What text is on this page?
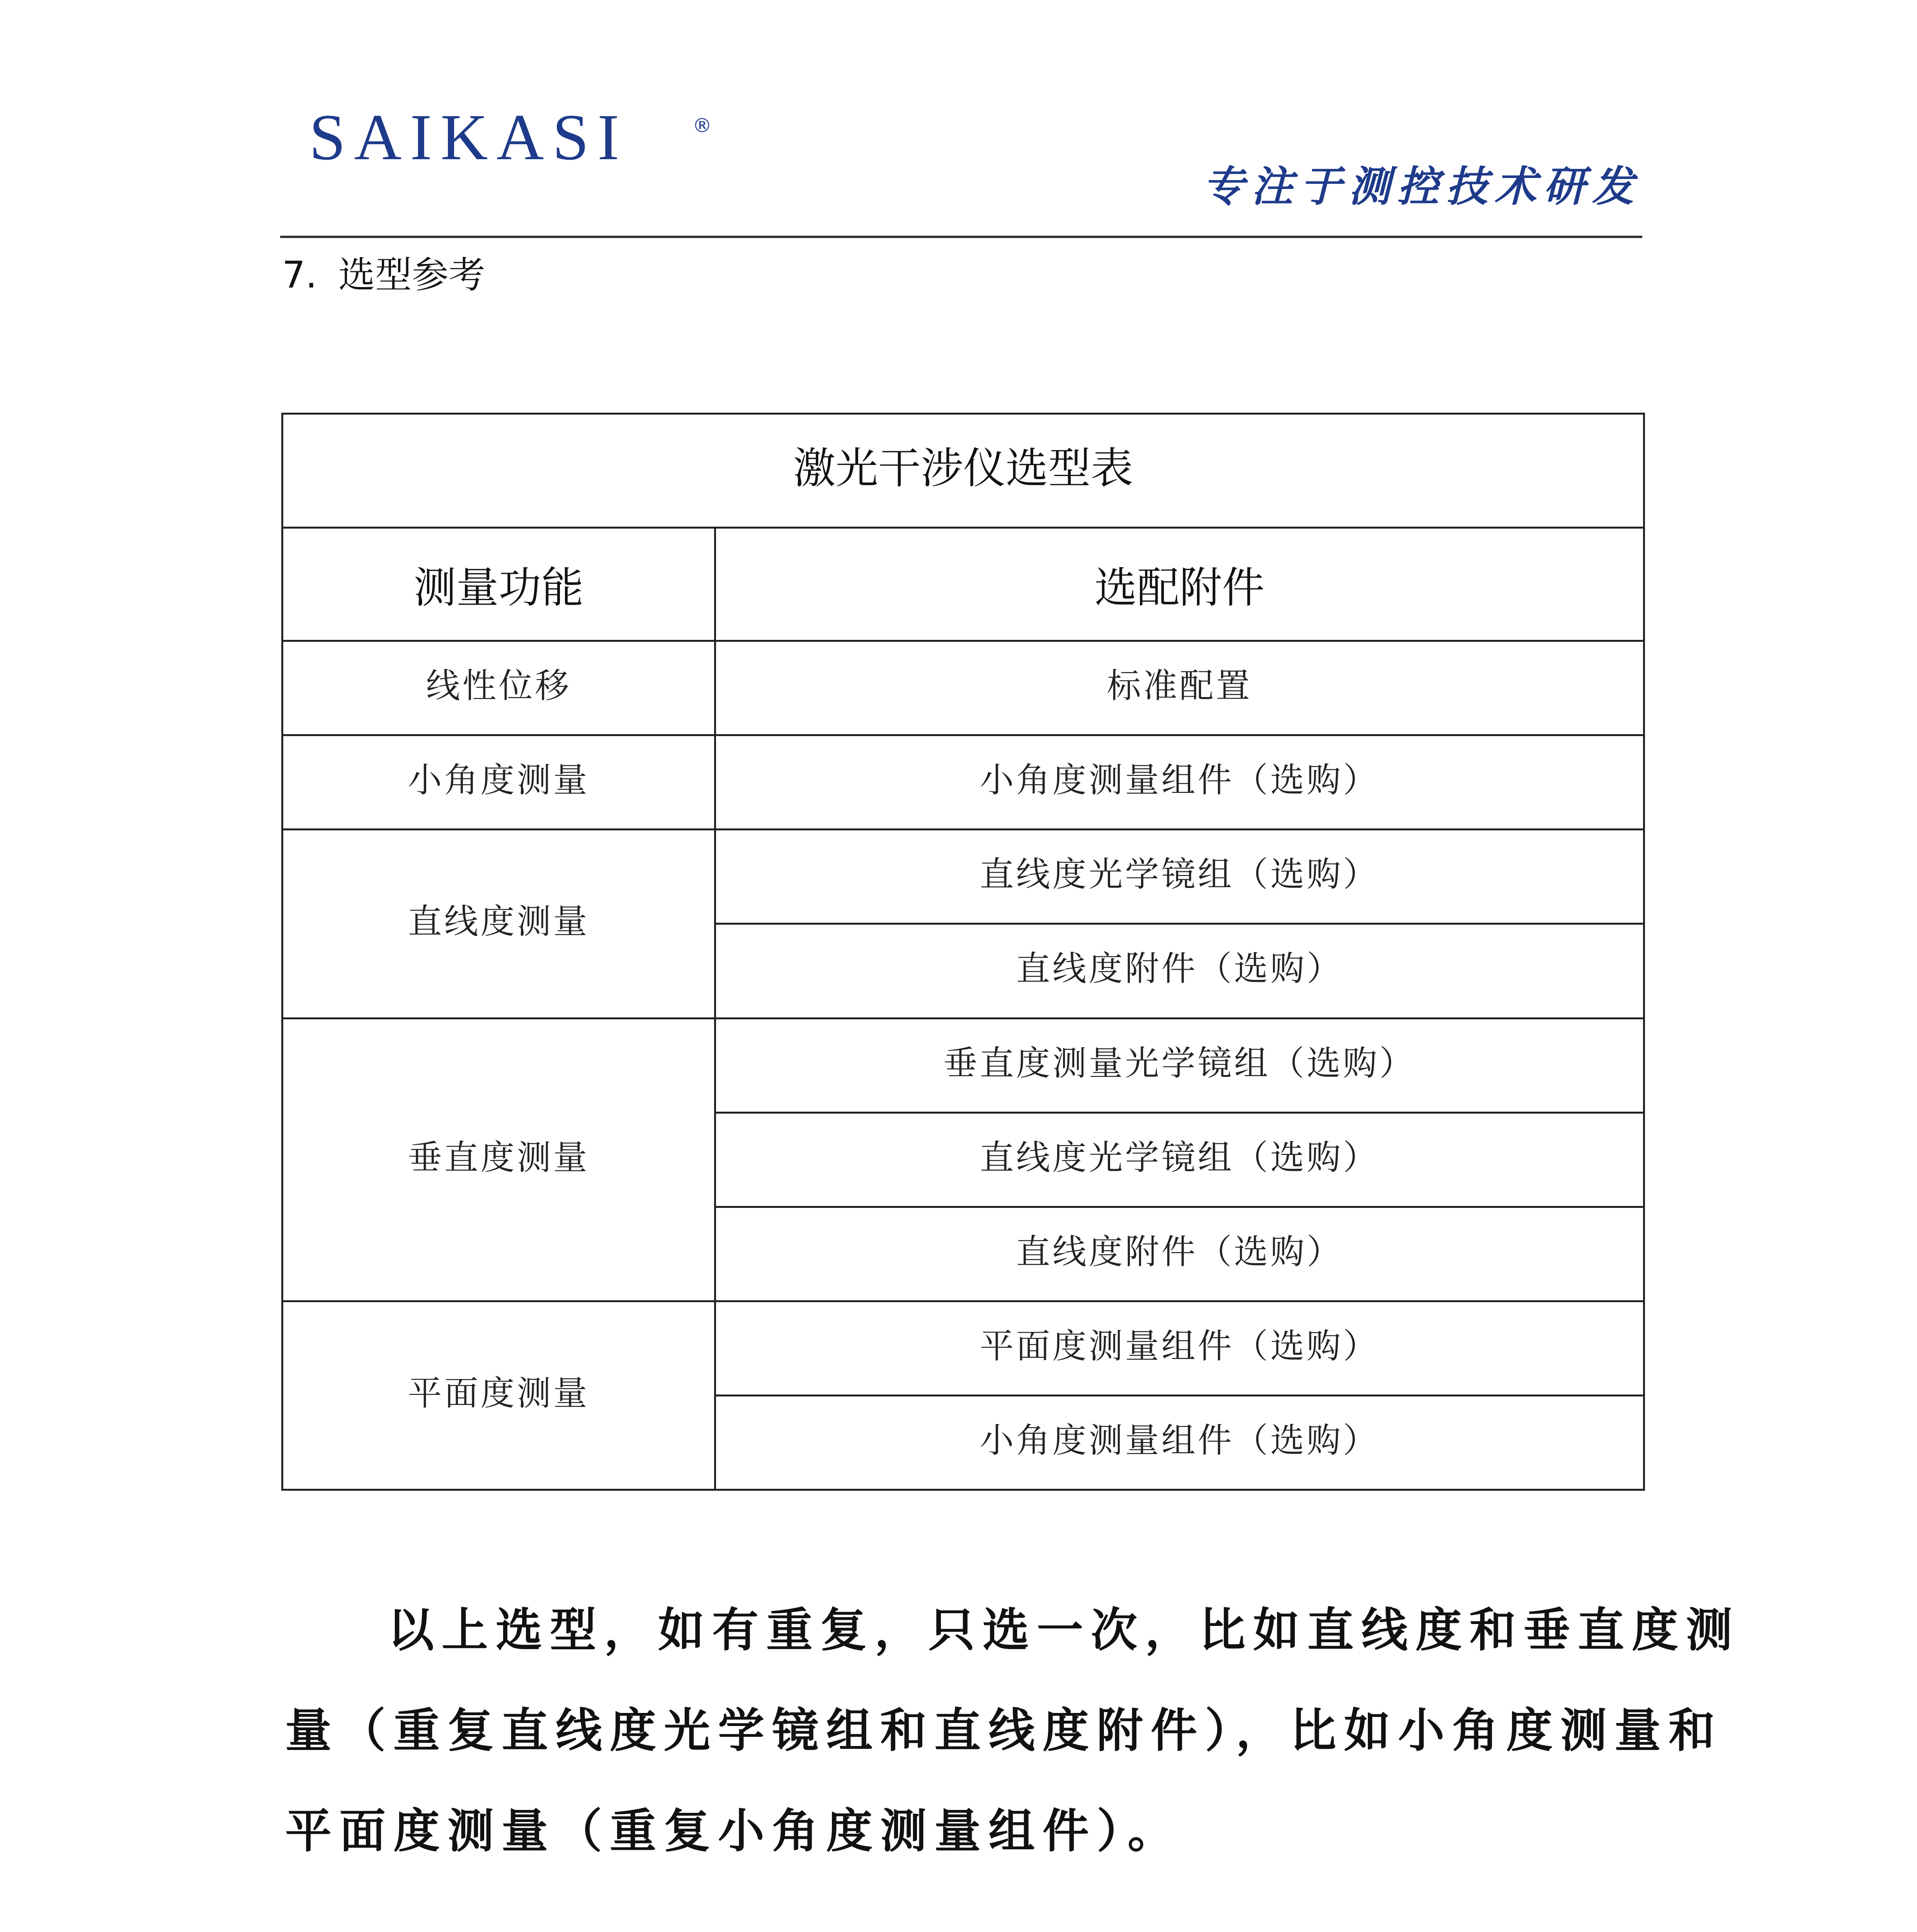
SAIKASI	®
专注于测控技术研发
7. 选型参考
激光干涉仪选型表	
测量功能	选配附件
线性位移	标准配置
小角度测量	小角度测量组件（选购）
直线度测量	直线度光学镜组（选购）
	直线度附件（选购）
垂直度测量	垂直度测量光学镜组（选购）
	直线度光学镜组（选购）
	直线度附件（选购）
平面度测量	平面度测量组件（选购）
	小角度测量组件（选购）
以上选型，如有重复，只选一次，比如直线度和垂直度测
量（重复直线度光学镜组和直线度附件），比如小角度测量和
平面度测量（重复小角度测量组件）。
